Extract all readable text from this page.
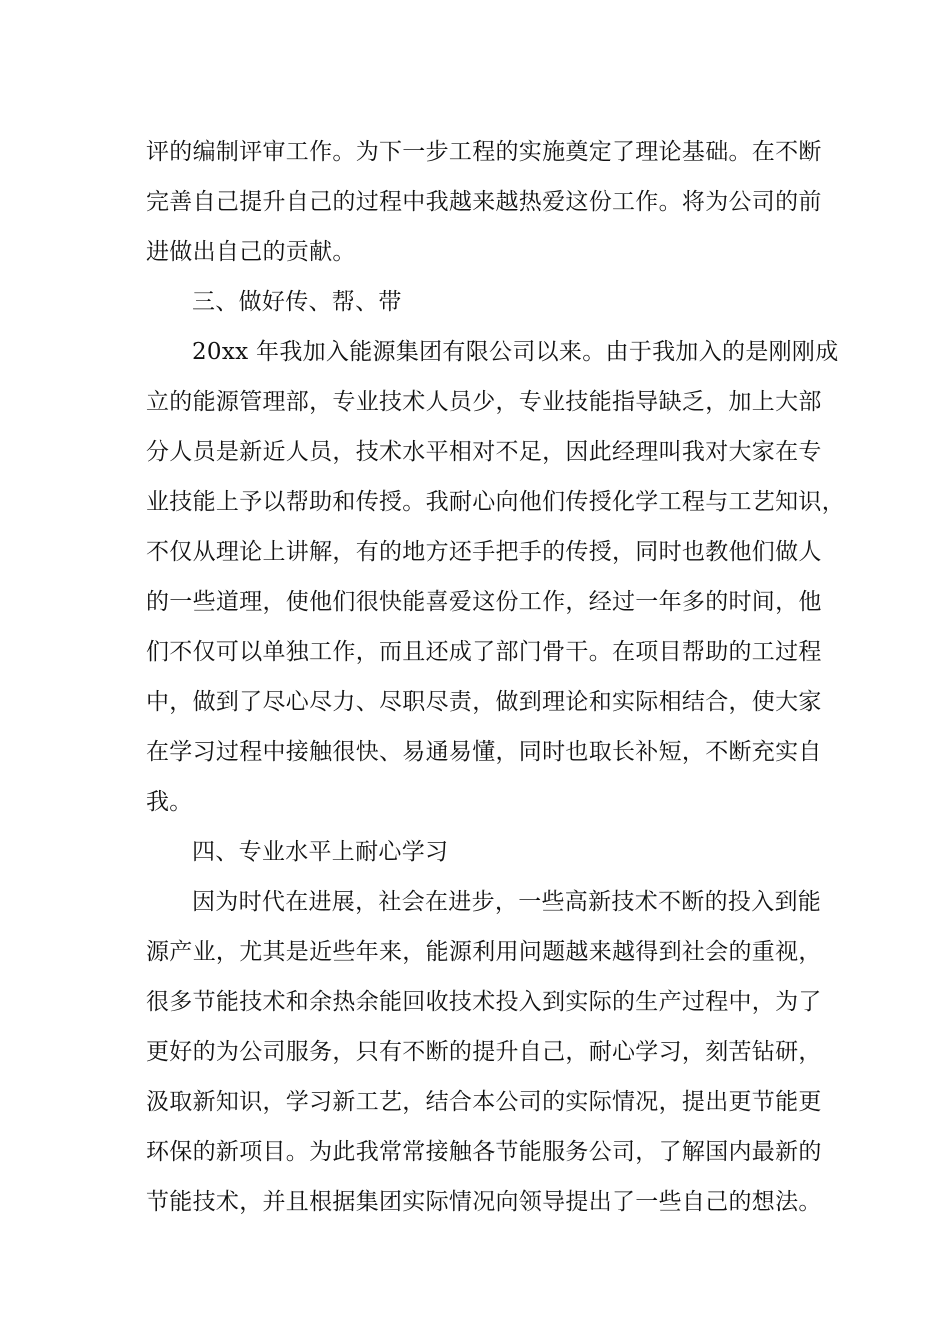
评的编制评审工作。为下一步工程的实施奠定了理论基础。在不断
完善自己提升自己的过程中我越来越热爱这份工作。将为公司的前
进做出自己的贡献。
三、做好传、帮、带
20xx 年我加入能源集团有限公司以来。由于我加入的是刚刚成
立的能源管理部，专业技术人员少，专业技能指导缺乏，加上大部
分人员是新近人员，技术水平相对不足，因此经理叫我对大家在专
业技能上予以帮助和传授。我耐心向他们传授化学工程与工艺知识，
不仅从理论上讲解，有的地方还手把手的传授，同时也教他们做人
的一些道理，使他们很快能喜爱这份工作，经过一年多的时间，他
们不仅可以单独工作，而且还成了部门骨干。在项目帮助的工过程
中，做到了尽心尽力、尽职尽责，做到理论和实际相结合，使大家
在学习过程中接触很快、易通易懂，同时也取长补短，不断充实自
我。
四、专业水平上耐心学习
因为时代在进展，社会在进步，一些高新技术不断的投入到能
源产业，尤其是近些年来，能源利用问题越来越得到社会的重视，
很多节能技术和余热余能回收技术投入到实际的生产过程中，为了
更好的为公司服务，只有不断的提升自己，耐心学习，刻苦钻研，
汲取新知识，学习新工艺，结合本公司的实际情况，提出更节能更
环保的新项目。为此我常常接触各节能服务公司，了解国内最新的
节能技术，并且根据集团实际情况向领导提出了一些自己的想法。
